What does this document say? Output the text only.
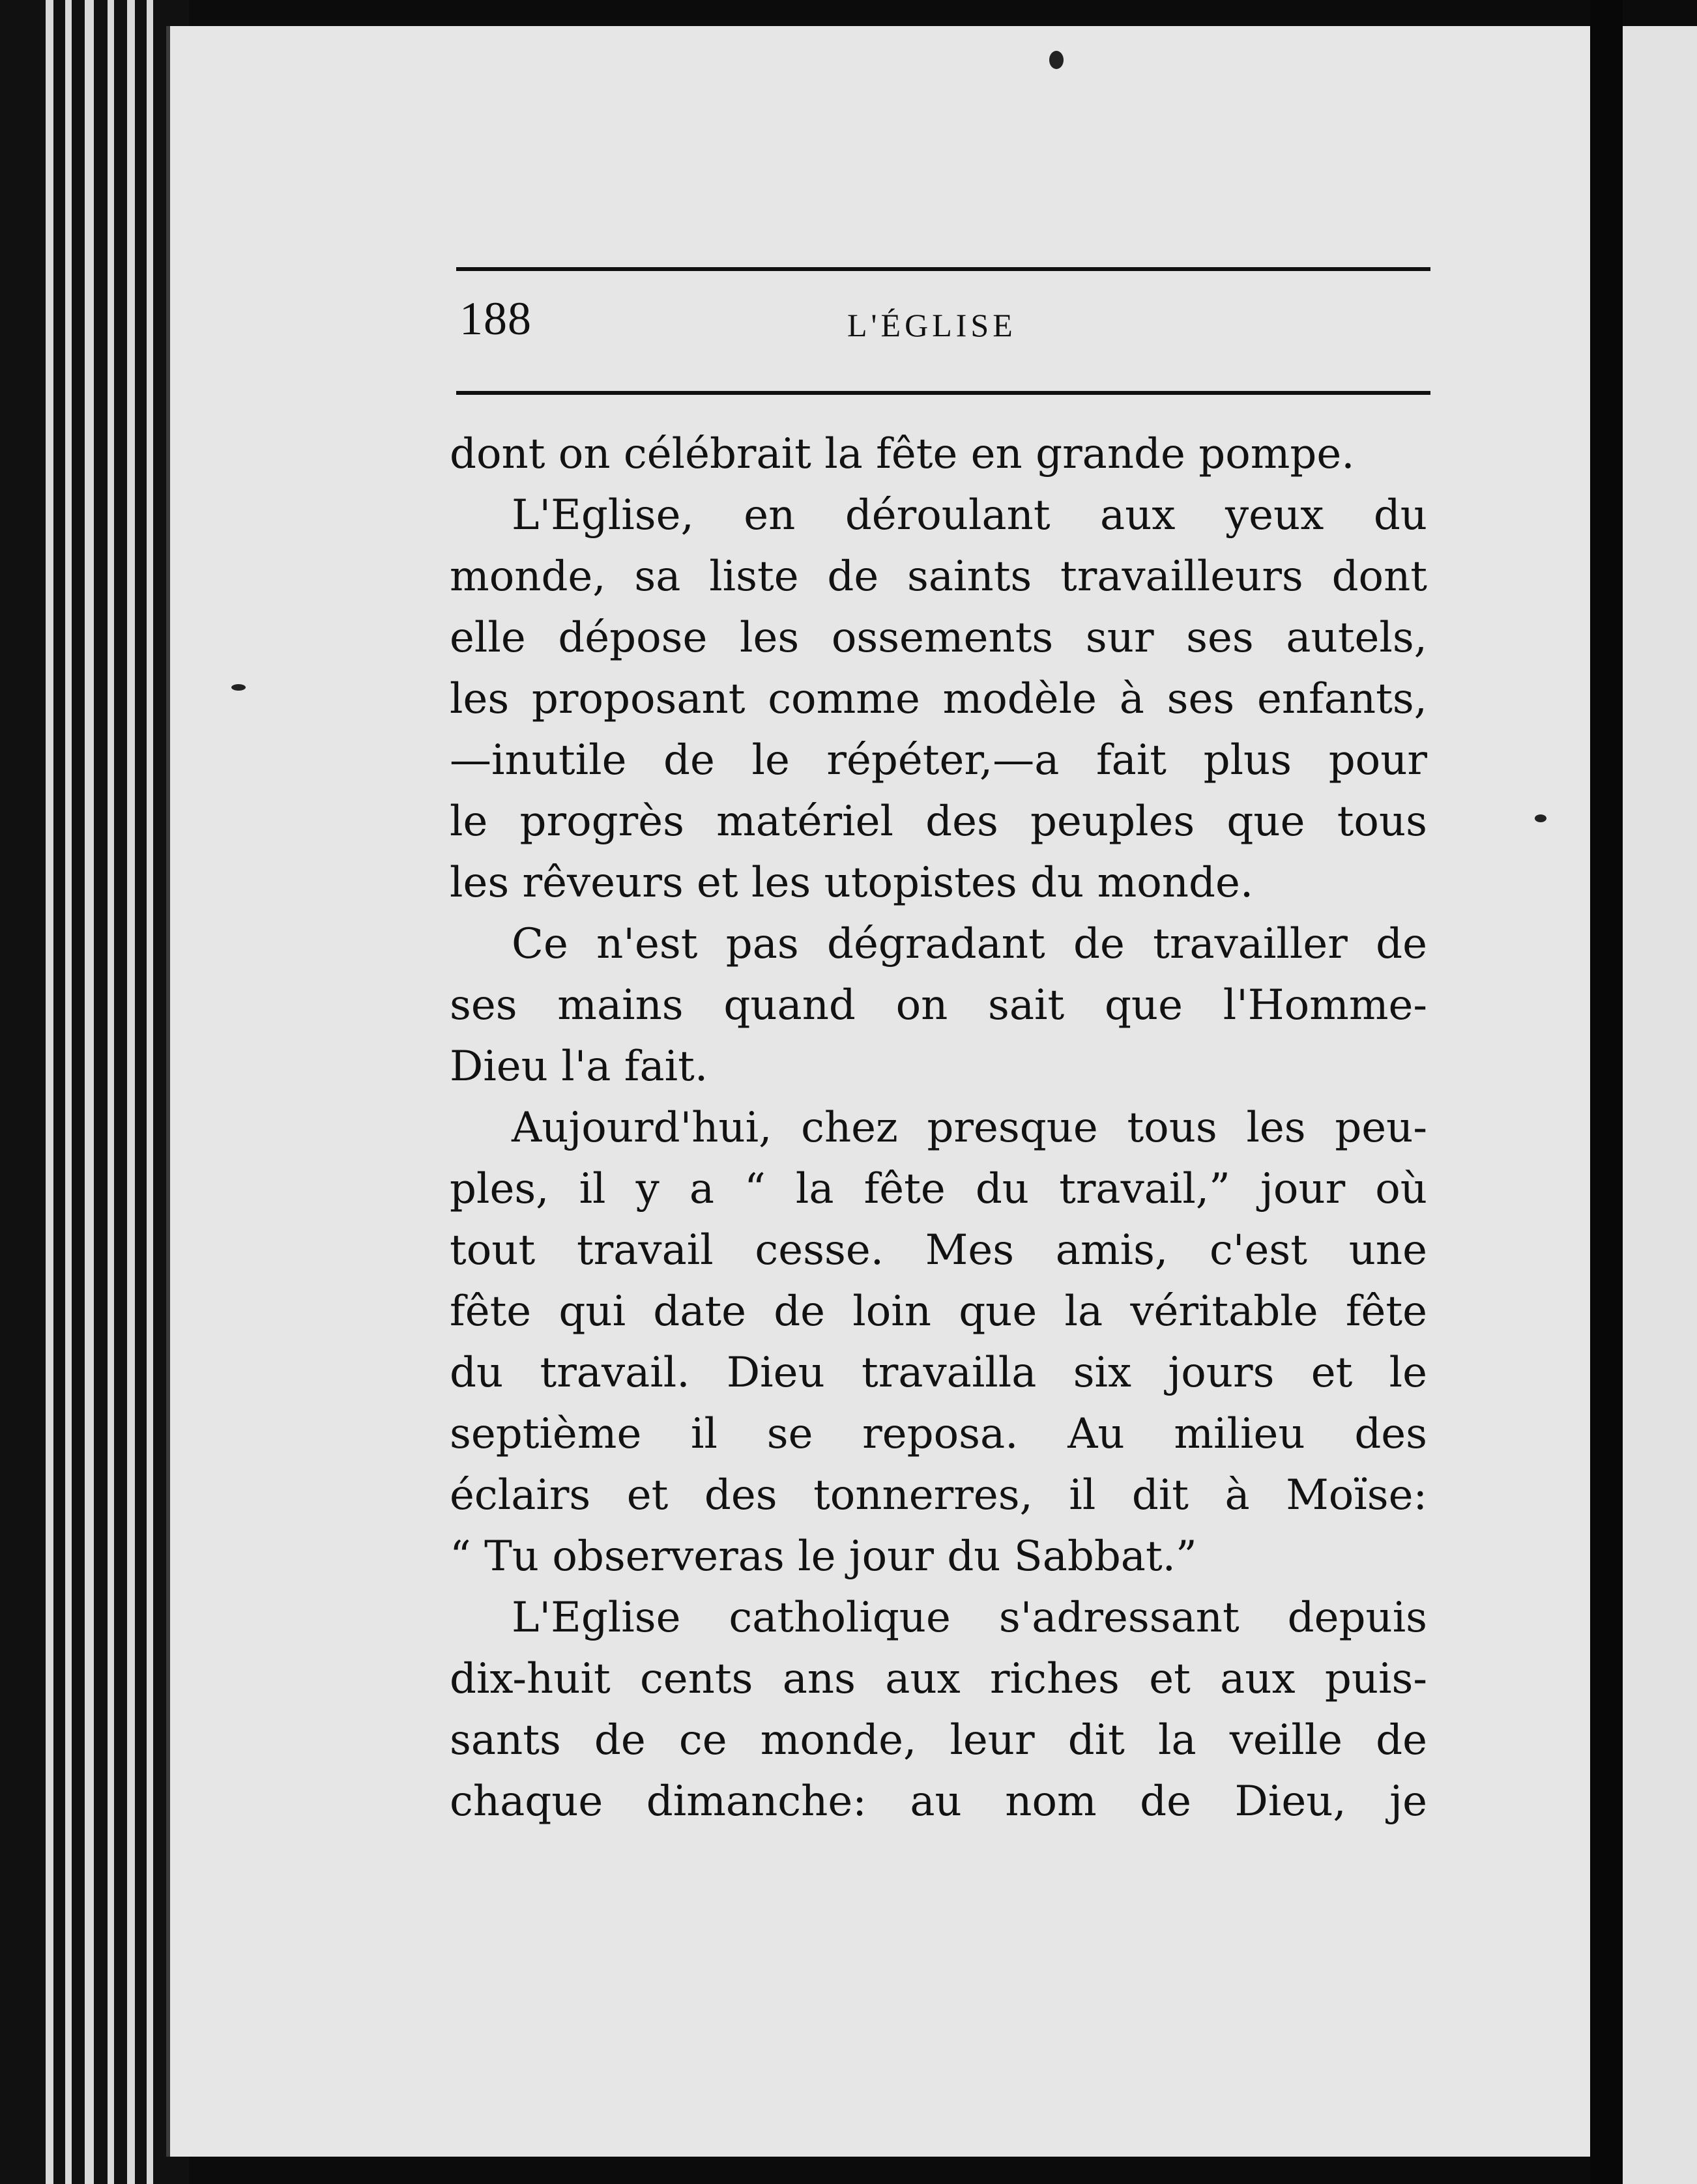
188	L'ÉGLISE
dont on célébrait la fête en grande pompe.
L'Eglise, en déroulant aux yeux du
monde, sa liste de saints travailleurs dont
elle dépose les ossements sur ses autels,
les proposant comme modèle à ses enfants,
—inutile de le répéter,—a fait plus pour
le progrès matériel des peuples que tous
les rêveurs et les utopistes du monde.
Ce n'est pas dégradant de travailler de
ses mains quand on sait que l'Homme-
Dieu l'a fait.
Aujourd'hui, chez presque tous les peu-
ples, il y a “ la fête du travail,” jour où
tout travail cesse. Mes amis, c'est une
fête qui date de loin que la véritable fête
du travail. Dieu travailla six jours et le
septième il se reposa. Au milieu des
éclairs et des tonnerres, il dit à Moïse:
“ Tu observeras le jour du Sabbat.”
L'Eglise catholique s'adressant depuis
dix-huit cents ans aux riches et aux puis-
sants de ce monde, leur dit la veille de
chaque dimanche: au nom de Dieu, je
